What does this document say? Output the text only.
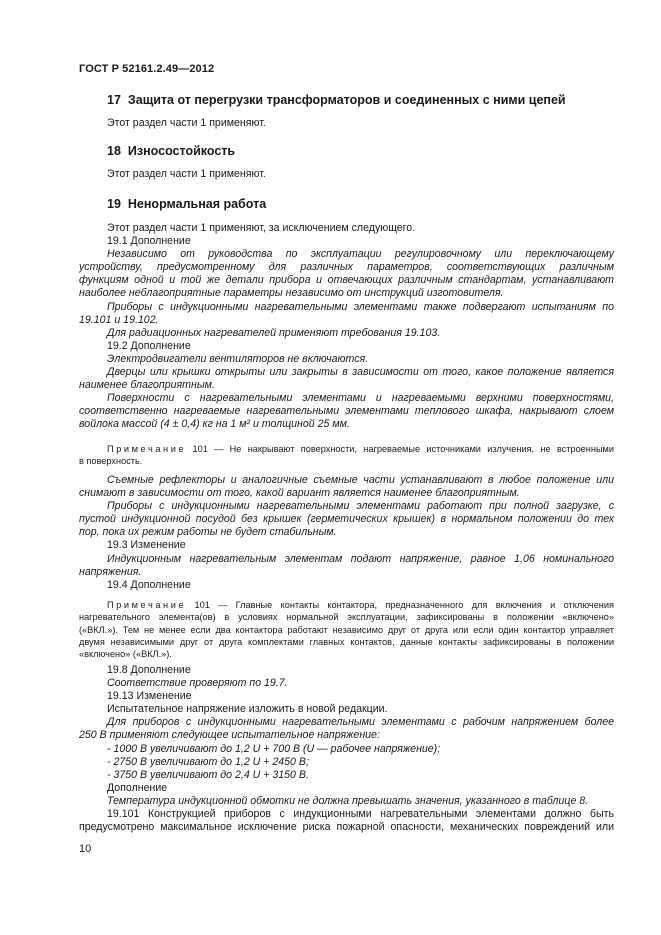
ГОСТ Р 52161.2.49—2012
17 Защита от перегрузки трансформаторов и соединенных с ними цепей
Этот раздел части 1 применяют.
18 Износостойкость
Этот раздел части 1 применяют.
19 Ненормальная работа
Этот раздел части 1 применяют, за исключением следующего.
19.1 Дополнение
Независимо от руководства по эксплуатации регулировочному или переключающему
устройству, предусмотренному для различных параметров, соответствующих различным
функциям одной и той же детали прибора и отвечающих различным стандартам, устанавливают
наиболее неблагоприятные параметры независимо от инструкций изготовителя.
Приборы с индукционными нагревательными элементами также подвергают испытаниям по
19.101 и 19.102.
Для радиационных нагревателей применяют требования 19.103.
19.2 Дополнение
Электродвигатели вентиляторов не включаются.
Дверцы или крышки открыты или закрыты в зависимости от того, какое положение является
наименее благоприятным.
Поверхности с нагревательными элементами и нагреваемыми верхними поверхностями,
соответственно нагреваемые нагревательными элементами теплового шкафа, накрывают слоем
войлока массой (4 ± 0,4) кг на 1 м² и толщиной 25 мм.
Примечание 101 — Не накрывают поверхности, нагреваемые источниками излучения, не встроенными
в поверхность.
Съемные рефлекторы и аналогичные съемные части устанавливают в любое положение или
снимают в зависимости от того, какой вариант является наименее благоприятным.
Приборы с индукционными нагревательными элементами работают при полной загрузке, с
пустой индукционной посудой без крышек (герметических крышек) в нормальном положении до тех
пор, пока их режим работы не будет стабильным.
19.3 Изменение
Индукционным нагревательным элементам подают напряжение, равное 1,06 номинального
напряжения.
19.4 Дополнение
Примечание 101 — Главные контакты контактора, предназначенного для включения и отключения
нагревательного элемента(ов) в условиях нормальной эксплуатации, зафиксированы в положении «включено»
(«ВКЛ.»). Тем не менее если два контактора работают независимо друг от друга или если один контактор управляет
двумя независимыми друг от друга комплектами главных контактов, данные контакты зафиксированы в положении
«включено» («ВКЛ.»).
19.8 Дополнение
Соответствие проверяют по 19.7.
19.13 Изменение
Испытательное напряжение изложить в новой редакции.
Для приборов с индукционными нагревательными элементами с рабочим напряжением более
250 В применяют следующее испытательное напряжение:
- 1000 В увеличивают до 1,2 U + 700 В (U — рабочее напряжение);
- 2750 В увеличивают до 1,2 U + 2450 В;
- 3750 В увеличивают до 2,4 U + 3150 В.
Дополнение
Температура индукционной обмотки не должна превышать значения, указанного в таблице 8.
19.101 Конструкцией приборов с индукционными нагревательными элементами должно быть
предусмотрено максимальное исключение риска пожарной опасности, механических повреждений или
10
